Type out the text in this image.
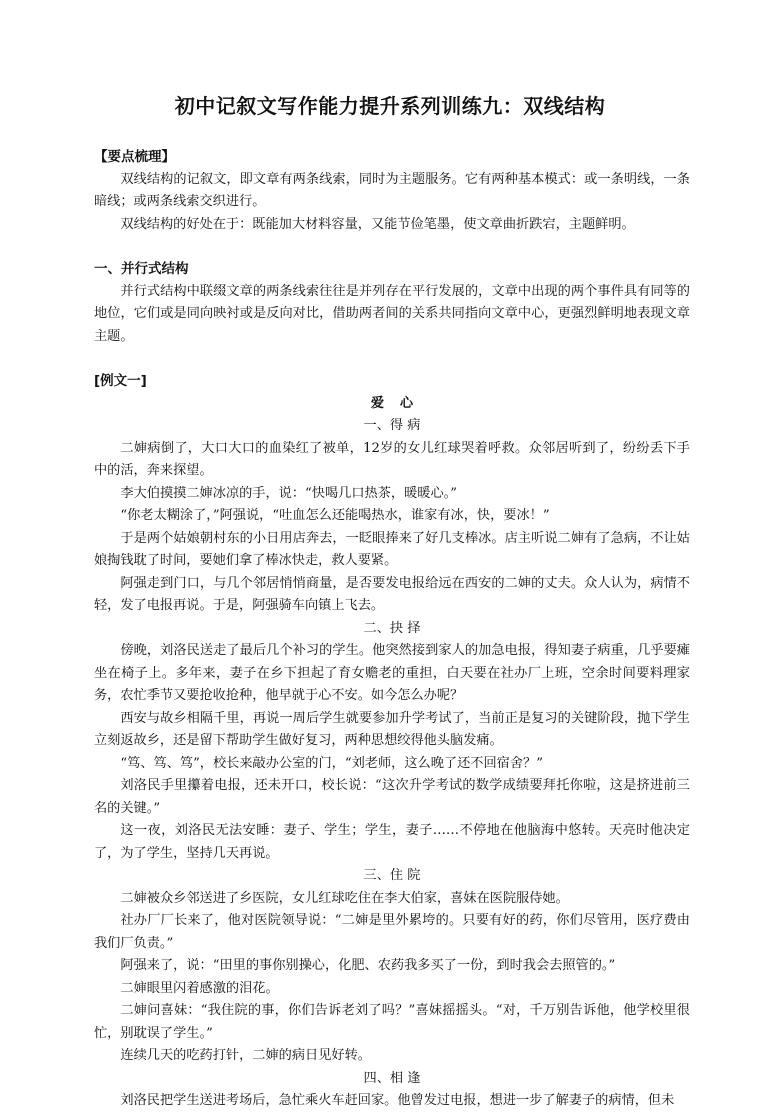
初中记叙文写作能力提升系列训练九：双线结构
【要点梳理】
双线结构的记叙文，即文章有两条线索，同时为主题服务。它有两种基本模式：或一条明线，一条暗线；或两条线索交织进行。
双线结构的好处在于：既能加大材料容量，又能节俭笔墨，使文章曲折跌宕，主题鲜明。
一、并行式结构
并行式结构中联缀文章的两条线索往往是并列存在平行发展的，文章中出现的两个事件具有同等的地位，它们或是同向映衬或是反向对比，借助两者间的关系共同指向文章中心，更强烈鲜明地表现文章主题。
[例文一]
爱心
一、得 病
二婶病倒了，大口大口的血染红了被单，12岁的女儿红球哭着呼救。众邻居听到了，纷纷丢下手中的活，奔来探望。
李大伯摸摸二婶冰凉的手，说：“快喝几口热茶，暖暖心。”
“你老太糊涂了，”阿强说，“吐血怎么还能喝热水，谁家有冰，快，要冰！”
于是两个姑娘朝村东的小日用店奔去，一眨眼捧来了好几支棒冰。店主听说二婶有了急病，不让姑娘掏钱耽了时间，要她们拿了棒冰快走，救人要紧。
阿强走到门口，与几个邻居悄悄商量，是否要发电报给远在西安的二婶的丈夫。众人认为，病情不轻，发了电报再说。于是，阿强骑车向镇上飞去。
二、抉 择
傍晚，刘洛民送走了最后几个补习的学生。他突然接到家人的加急电报，得知妻子病重，几乎要瘫坐在椅子上。多年来，妻子在乡下担起了育女赡老的重担，白天要在社办厂上班，空余时间要料理家务，农忙季节又要抢收抢种，他早就于心不安。如今怎么办呢？
西安与故乡相隔千里，再说一周后学生就要参加升学考试了，当前正是复习的关键阶段，抛下学生立刻返故乡，还是留下帮助学生做好复习，两种思想绞得他头脑发痛。
“笃、笃、笃”，校长来敲办公室的门，“刘老师，这么晚了还不回宿舍？”
刘洛民手里攥着电报，还未开口，校长说：“这次升学考试的数学成绩要拜托你啦，这是挤进前三名的关键。”
这一夜，刘洛民无法安睡：妻子、学生；学生，妻子……不停地在他脑海中悠转。天亮时他决定了，为了学生，坚持几天再说。
三、住 院
二婶被众乡邻送进了乡医院，女儿红球吃住在李大伯家，喜妹在医院服侍她。
社办厂厂长来了，他对医院领导说：“二婶是里外累垮的。只要有好的药，你们尽管用，医疗费由我们厂负责。”
阿强来了，说：“田里的事你别操心，化肥、农药我多买了一份，到时我会去照管的。”
二婶眼里闪着感激的泪花。
二婶问喜妹：“我住院的事，你们告诉老刘了吗？”喜妹摇摇头。“对，千万别告诉他，他学校里很忙，别耽误了学生。”
连续几天的吃药打针，二婶的病日见好转。
四、相 逢
刘洛民把学生送进考场后，急忙乘火车赶回家。他曾发过电报，想进一步了解妻子的病情，但未
